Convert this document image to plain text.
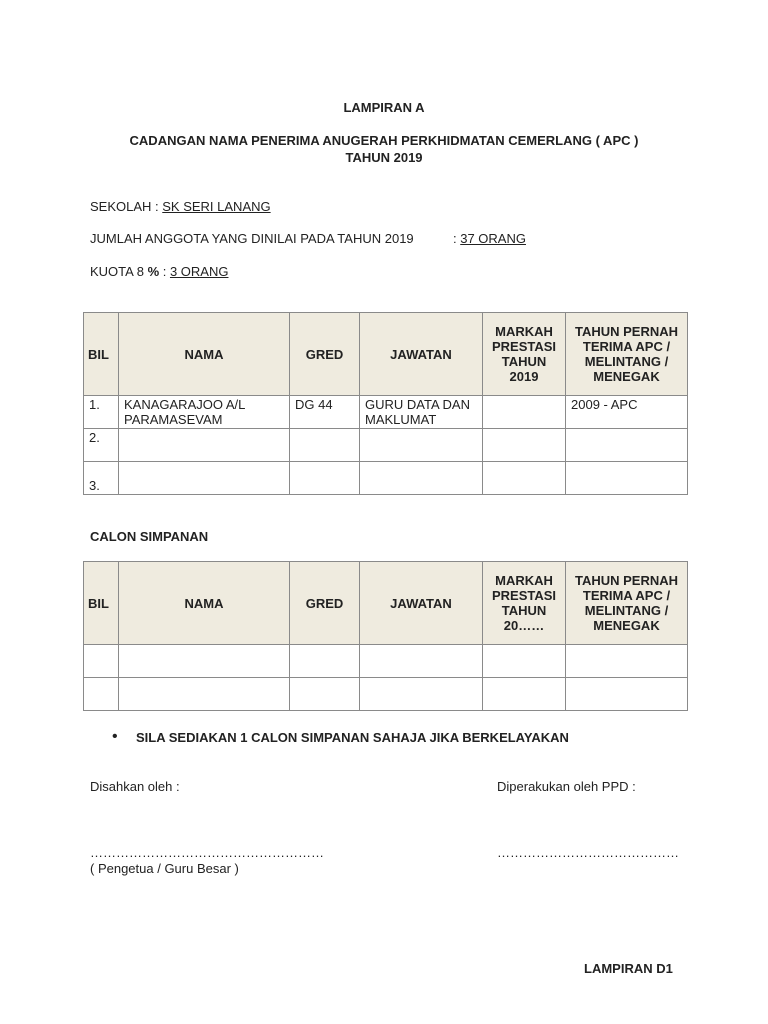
LAMPIRAN A
CADANGAN NAMA PENERIMA ANUGERAH PERKHIDMATAN CEMERLANG ( APC )
TAHUN 2019
SEKOLAH : SK SERI LANANG
JUMLAH ANGGOTA YANG DINILAI PADA TAHUN 2019	: 37 ORANG
KUOTA 8 % : 3 ORANG
BIL	NAMA	GRED	JAWATAN	MARKAH PRESTASI TAHUN 2019	TAHUN PERNAH TERIMA APC / MELINTANG / MENEGAK
1.	KANAGARAJOO A/L PARAMASEVAM	DG 44	GURU DATA DAN MAKLUMAT		2009 - APC
2.					
3.					
CALON SIMPANAN
BIL	NAMA	GRED	JAWATAN	MARKAH PRESTASI TAHUN 20……	TAHUN PERNAH TERIMA APC / MELINTANG / MENEGAK

• SILA SEDIAKAN 1 CALON SIMPANAN SAHAJA JIKA BERKELAYAKAN
Disahkan oleh :	Diperakukan oleh PPD :
………………………………………………	……………………………………
( Pengetua / Guru Besar )
LAMPIRAN D1
